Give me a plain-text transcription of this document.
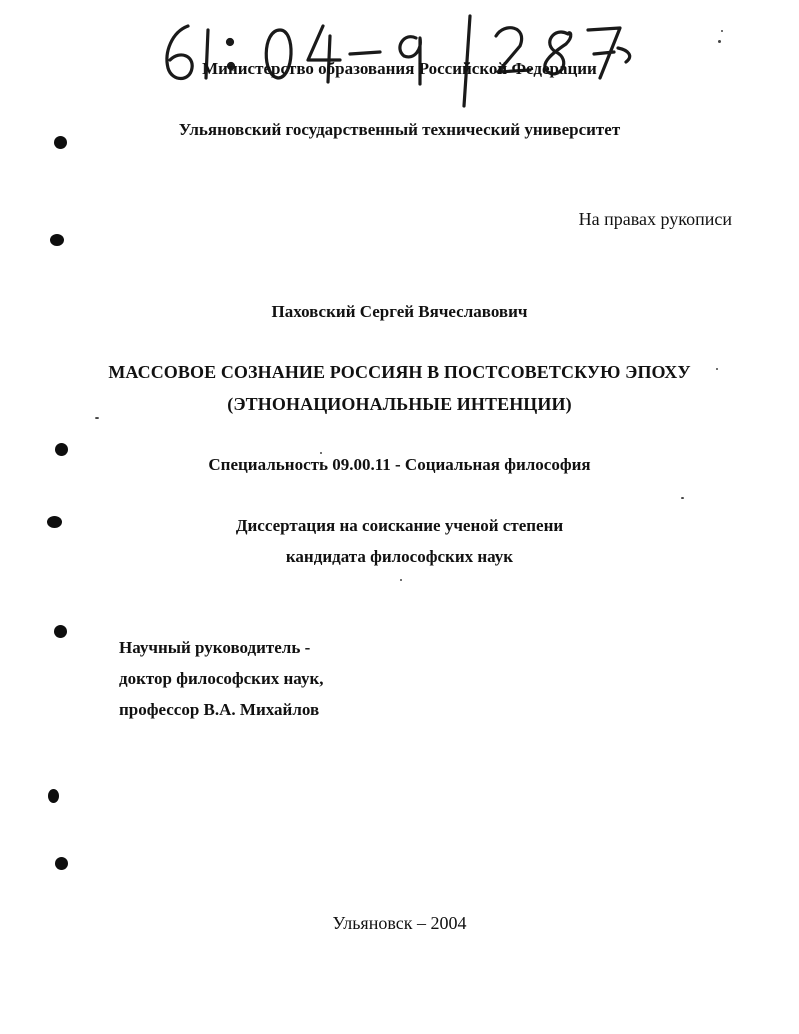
Министерство образования Российской Федерации
Ульяновский государственный технический университет
На правах рукописи
Паховский Сергей Вячеславович
МАССОВОЕ СОЗНАНИЕ РОССИЯН В ПОСТСОВЕТСКУЮ ЭПОХУ
(ЭТНОНАЦИОНАЛЬНЫЕ ИНТЕНЦИИ)
Специальность 09.00.11 - Социальная философия
Диссертация на соискание ученой степени
кандидата философских наук
Научный руководитель -
доктор философских наук,
профессор В.А. Михайлов
Ульяновск – 2004
